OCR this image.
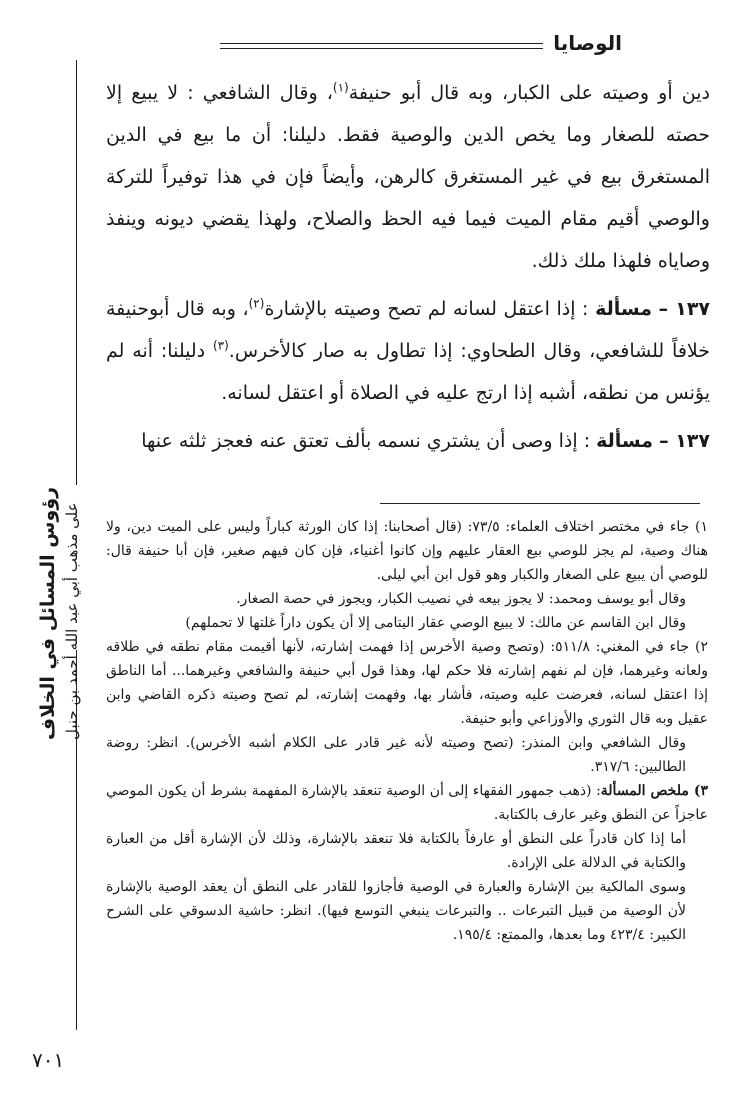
الوصايا
رؤوس المسائل في الخلاف على مذهب أبي عبد الله أحمد بن حنبل

دين أو وصيته على الكبار، وبه قال أبو حنيفة$^{(١)}$، وقال الشافعي : لا يبيع إلا حصته للصغار وما يخص الدين والوصية فقط. دليلنا: أن ما بيع في الدين المستغرق بيع في غير المستغرق كالرهن، وأيضاً فإن في هذا توفيراً للتركة والوصي أقيم مقام الميت فيما فيه الحظ والصلاح، ولهذا يقضي ديونه وينفذ وصاياه فلهذا ملك ذلك.

١٣٧ – مسألة : إذا اعتقل لسانه لم تصح وصيته بالإشارة$^{(٢)}$، وبه قال أبوحنيفة خلافاً للشافعي، وقال الطحاوي: إذا تطاول به صار كالأخرس.$^{(٣)}$ دليلنا: أنه لم يؤنس من نطقه، أشبه إذا ارتج عليه في الصلاة أو اعتقل لسانه.

١٣٧ – مسألة : إذا وصى أن يشتري نسمه بألف تعتق عنه فعجز ثلثه عنها

١) جاء في مختصر اختلاف العلماء: ٧٣/٥: (قال أصحابنا: إذا كان الورثة كباراً وليس على الميت دين، ولا هناك وصية، لم يجز للوصي بيع العقار عليهم وإن كانوا أغنياء، فإن كان فيهم صغير، فإن أبا حنيفة قال: للوصي أن يبيع على الصغار والكبار وهو قول ابن أبي ليلى.

وقال أبو يوسف ومحمد: لا يجوز بيعه في نصيب الكبار، ويجوز في حصة الصغار.

وقال ابن القاسم عن مالك: لا يبيع الوصي عقار اليتامى إلا أن يكون داراً غلتها لا تحملهم)

٢) جاء في المغني: ٥١١/٨: (وتصح وصية الأخرس إذا فهمت إشارته، لأنها أقيمت مقام نطقه في طلاقه ولعانه وغيرهما، فإن لم نفهم إشارته فلا حكم لها، وهذا قول أبي حنيفة والشافعي وغيرهما... أما الناطق إذا اعتقل لسانه، فعرضت عليه وصيته، فأشار بها، وفهمت إشارته، لم تصح وصيته ذكره القاضي وابن عقيل وبه قال الثوري والأوزاعي وأبو حنيفة.

وقال الشافعي وابن المنذر: (تصح وصيته لأنه غير قادر على الكلام أشبه الأخرس). انظر: روضة الطالبين: ٣١٧/٦.

٣) ملخص المسألة: (ذهب جمهور الفقهاء إلى أن الوصية تنعقد بالإشارة المفهمة بشرط أن يكون الموصي عاجزاً عن النطق وغير عارف بالكتابة.

أما إذا كان قادراً على النطق أو عارفاً بالكتابة فلا تنعقد بالإشارة، وذلك لأن الإشارة أقل من العبارة والكتابة في الدلالة على الإرادة.

وسوى المالكية بين الإشارة والعبارة في الوصية فأجازوا للقادر على النطق أن يعقد الوصية بالإشارة لأن الوصية من قبيل التبرعات .. والتبرعات ينبغي التوسع فيها). انظر: حاشية الدسوقي على الشرح الكبير: ٤٢٣/٤ وما بعدها، والممتع: ١٩٥/٤.

٧٠١
